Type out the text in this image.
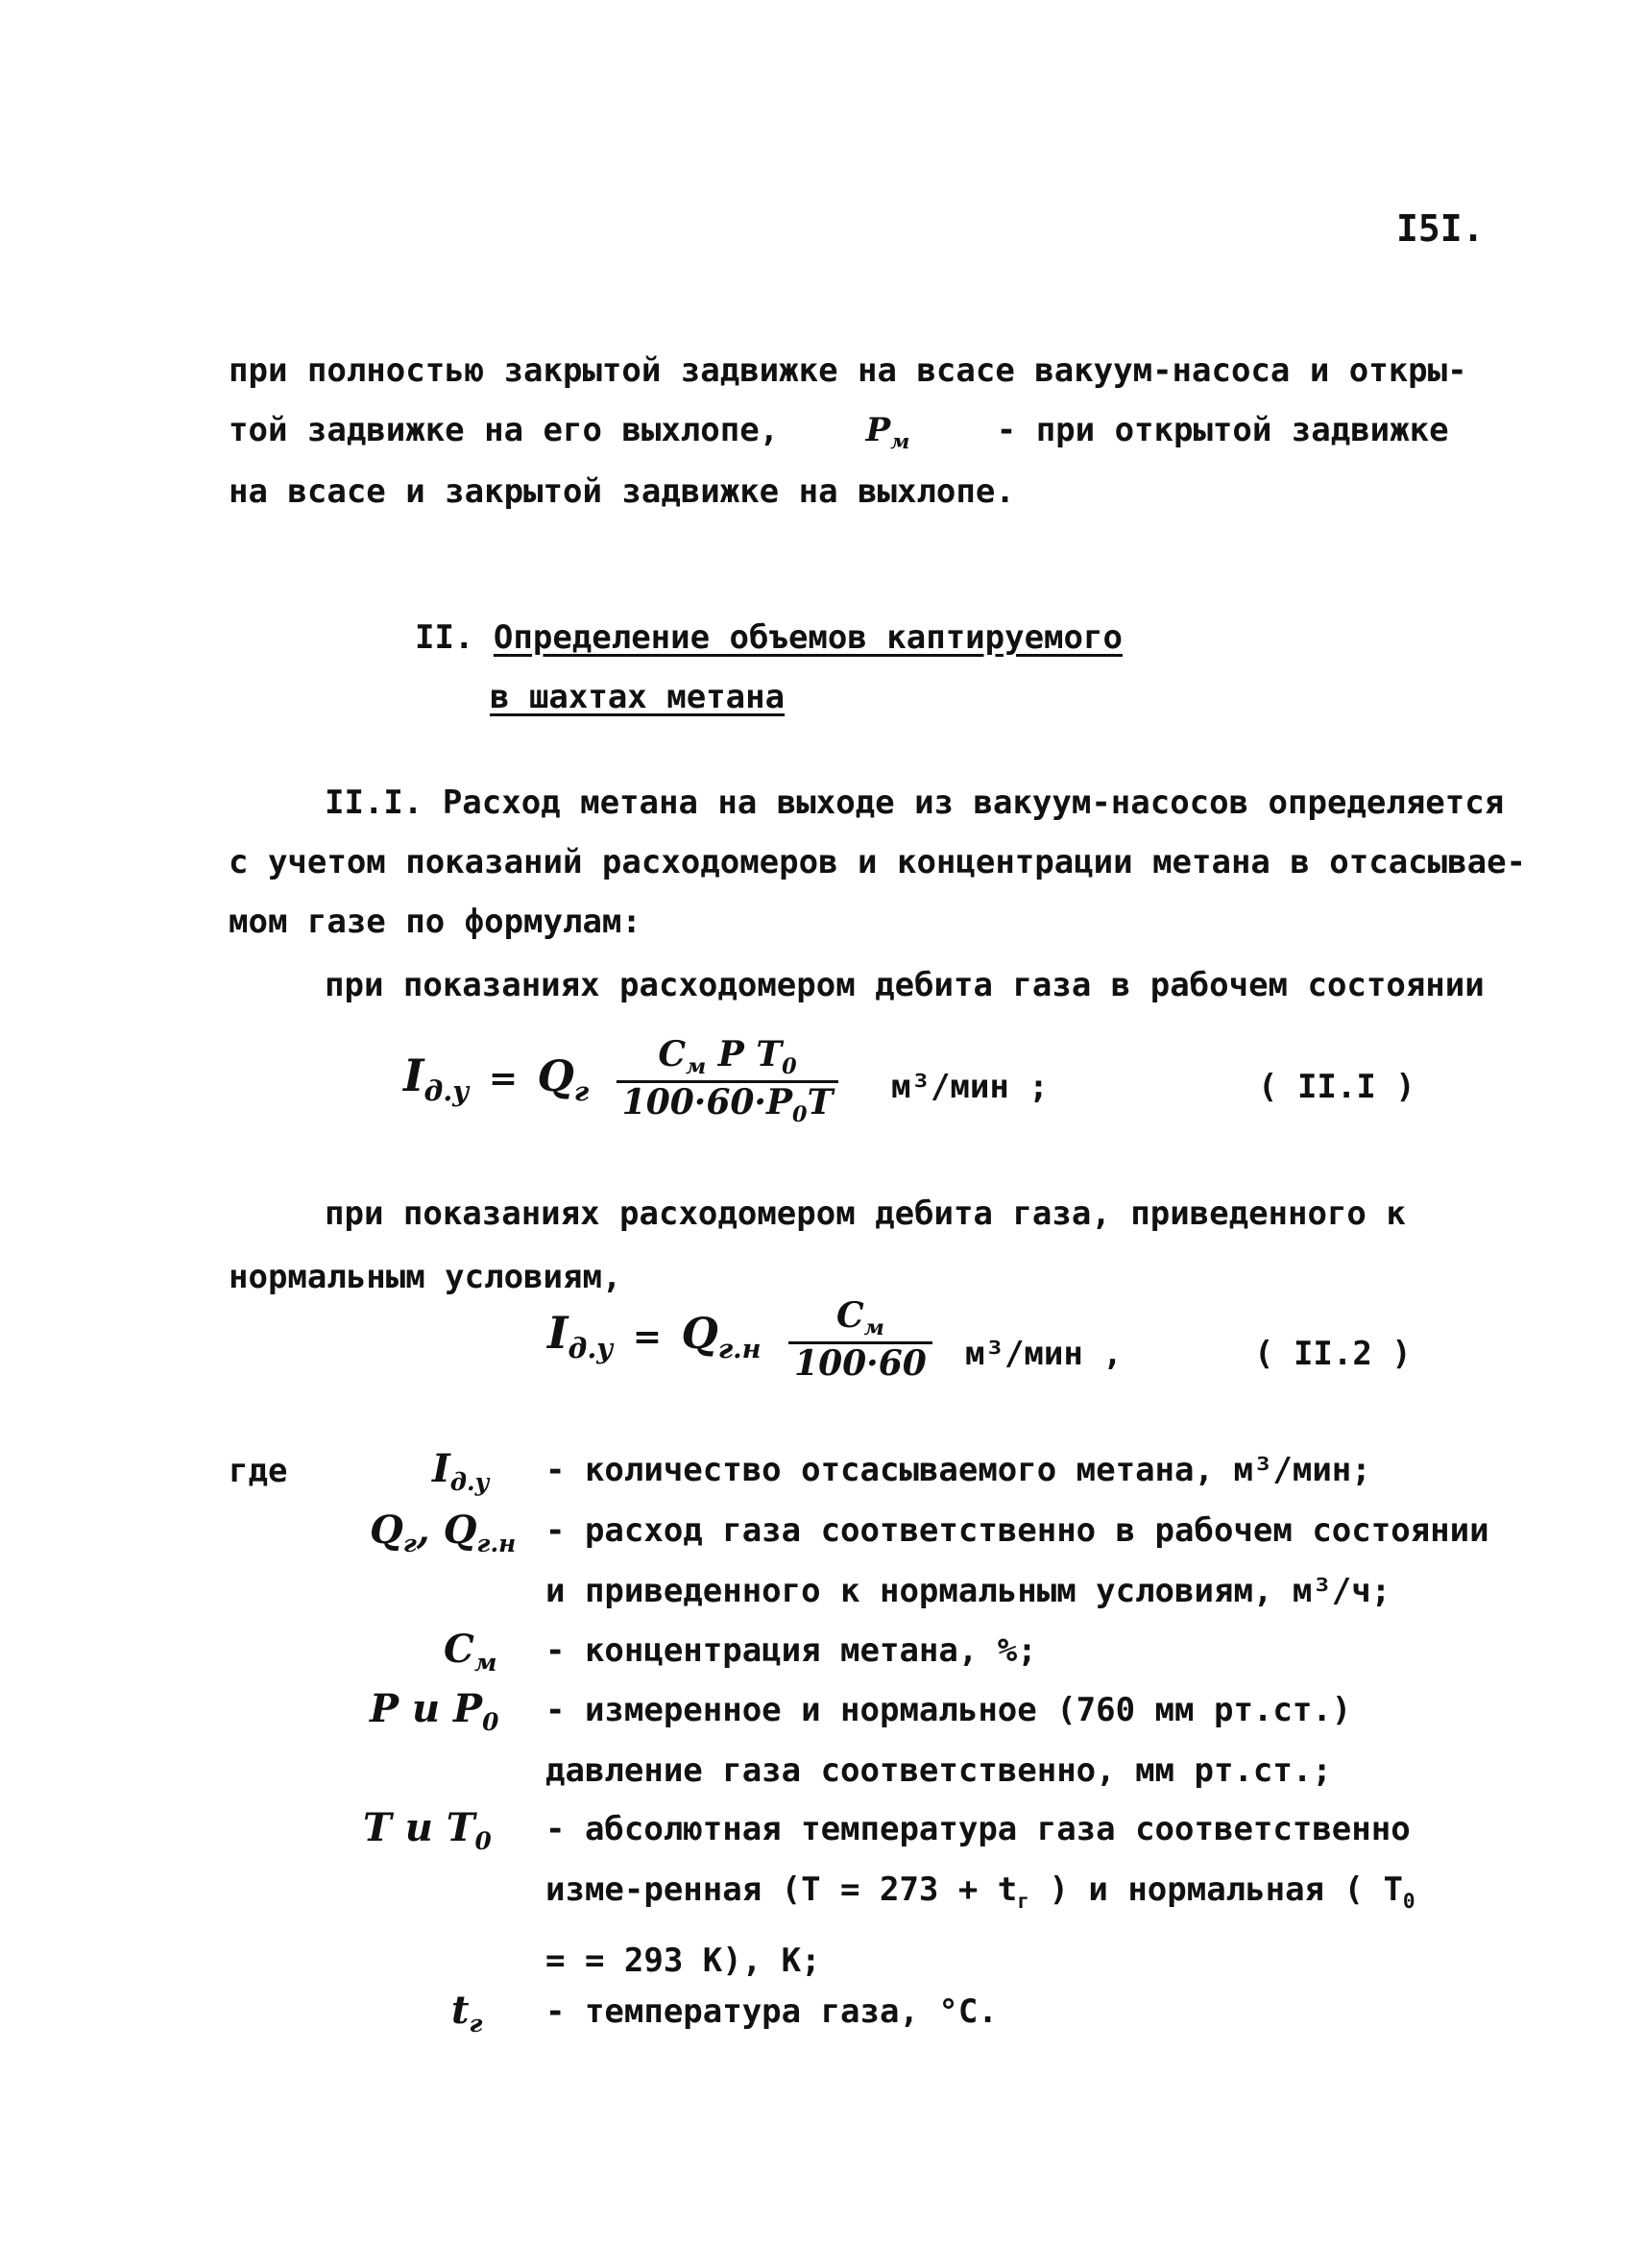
I5I.
при полностью закрытой задвижке на всасе вакуум-насоса и откры-
той задвижке на его выхлопе,	$P_м$	- при открытой задвижке
на всасе и закрытой задвижке на выхлопе.
II. Определение объемов каптируемого
в шахтах метана
II.I. Расход метана на выходе из вакуум-насосов определяется
с учетом показаний расходомеров и концентрации метана в отсасывае-
мом газе по формулам:
при показаниях расходомером дебита газа в рабочем состоянии
$I_{д.у} = Q_г \frac{C_м P T_0}{100\cdot 60\cdot P_0T} м^3/мин$ ;	( II.I )
при показаниях расходомером дебита газа, приведенного к
нормальным условиям,
$I_{д.у} = Q_{г.н} \frac{C_м}{100\cdot 60} м^3/мин$ ,	( II.2 )
где	$I_{д.у}$ - количество отсасываемого метана, м³/мин;
$Q_г$, $Q_{г.н}$ - расход газа соответственно в рабочем состоянии и приведенного к нормальным условиям, м³/ч;
$C_м$ - концентрация метана, %;
P и $P_0$ - измеренное и нормальное (760 мм рт.ст.) давление газа соответственно, мм рт.ст.;
T и $T_0$ - абсолютная температура газа соответственно изме-ренная ($T = 273 + t_г$ ) и нормальная ( $T_0$ = = 293 К), К;
$t_г$ - температура газа, °С.
